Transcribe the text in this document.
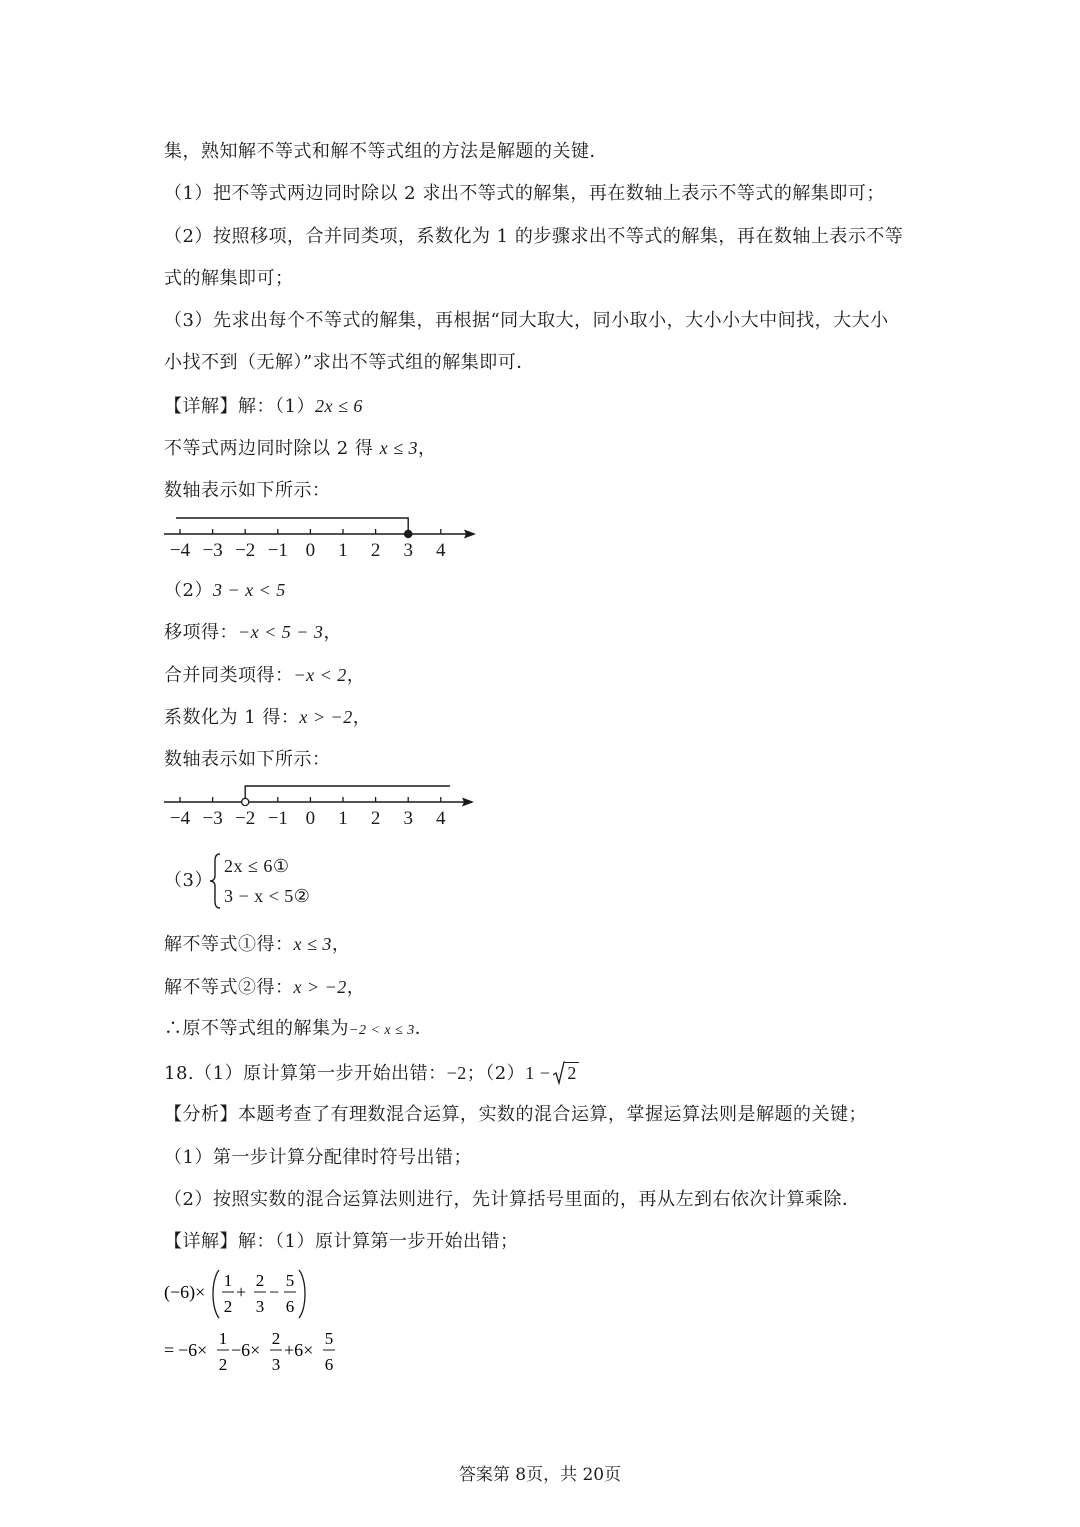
集，熟知解不等式和解不等式组的方法是解题的关键．
（1）把不等式两边同时除以 2 求出不等式的解集，再在数轴上表示不等式的解集即可；
（2）按照移项，合并同类项，系数化为 1 的步骤求出不等式的解集，再在数轴上表示不等
式的解集即可；
（3）先求出每个不等式的解集，再根据“同大取大，同小取小，大小小大中间找，大大小
小找不到（无解）”求出不等式组的解集即可．
【详解】解：（1）2x ≤ 6
不等式两边同时除以 2 得 x ≤ 3，
数轴表示如下所示：
−4 −3 −2 −1 0 1 2 3 4
（2）3 − x < 5
移项得：−x < 5 − 3，
合并同类项得：−x < 2，
系数化为 1 得：x > −2，
数轴表示如下所示：
−4 −3 −2 −1 0 1 2 3 4
（3）
2x ≤ 6①
3 − x < 5②
解不等式①得：x ≤ 3，
解不等式②得：x > −2，
∴原不等式组的解集为−2 < x ≤ 3．
18.（1）原计算第一步开始出错：−2；（2）1 − 2
【分析】本题考查了有理数混合运算，实数的混合运算，掌握运算法则是解题的关键；
（1）第一步计算分配律时符号出错；
（2）按照实数的混合运算法则进行，先计算括号里面的，再从左到右依次计算乘除．
【详解】解：（1）原计算第一步开始出错；
(−6)×
1
2
+
2
3
−
5
6
= −6×
1
2
−6×
2
3
+6×
5
6
答案第 8页，共 20页
